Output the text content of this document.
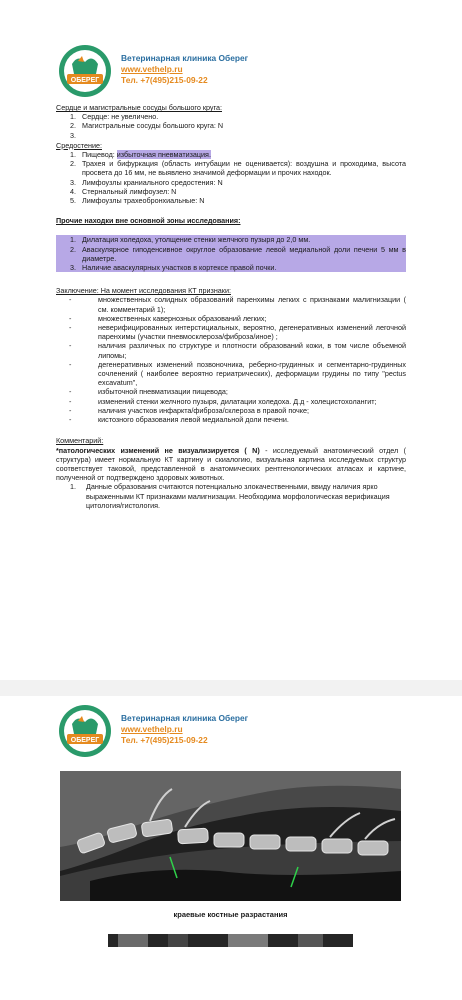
ОБЕРЕГ
Ветеринарная клиника Оберег
www.vethelp.ru
Тел. +7(495)215-09-22
Сердце и магистральные сосуды большого круга:
1. Сердце: не увеличено.
2. Магистральные сосуды большого круга: N
3.

Средостение:
1. Пищевод: избыточная пневматизация.
2. Трахея и бифуркация (область интубации не оценивается): воздушна и проходима, высота просвета до 16 мм, не выявлено значимой деформации и прочих находок.
3. Лимфоузлы краниального средостения: N
4. Стернальный лимфоузел: N
5. Лимфоузлы трахеобронхиальные: N
Прочие находки вне основной зоны исследования:
1. Дилатация холедоха, утолщение стенки желчного пузыря до 2,0 мм.
2. Аваскулярное гиподенсивное округлое образование левой медиальной доли печени 5 мм в диаметре.
3. Наличие аваскулярных участков в кортексе правой почки.
Заключение: На момент исследования КТ признаки:
-	множественных солидных образований паренхимы легких с признаками малигнизации ( см. комментарий 1);
-	множественных кавернозных образований легких;
-	неверифицированных интерстициальных, вероятно, дегенеративных изменений легочной паренхимы (участки пневмосклероза/фиброза/иное) ;
-	наличия различных по структуре и плотности образований кожи, в том числе объемной липомы;
-	дегенеративных изменений позвоночника, реберно-грудинных и сегментарно-грудинных сочленений ( наиболее вероятно гериатрических), деформации грудины по типу "pectus excavatum",
-	избыточной пневматизации пищевода;
-	изменений стенки желчного пузыря, дилатации холедоха. Д.д - холецистохолангит;
-	наличия участков инфаркта/фиброза/склероза в правой почке;
-	кистозного образования левой медиальной доли печени.
Комментарий:
*патологических изменений не визуализируется ( N) - исследуемый анатомический отдел ( структура) имеет нормальную КТ картину и скиалогию, визуальная картина исследуемых структур соответствует таковой, представленной в анатомических рентгенологических атласах и картине, полученной от подтверждено здоровых животных.
1. Данные образования считаются потенциально злокачественными, ввиду наличия ярко выраженными КТ признаками малигнизации. Необходима морфологическая верификация цитология/гистология.
ОБЕРЕГ
Ветеринарная клиника Оберег
www.vethelp.ru
Тел. +7(495)215-09-22
краевые костные разрастания
